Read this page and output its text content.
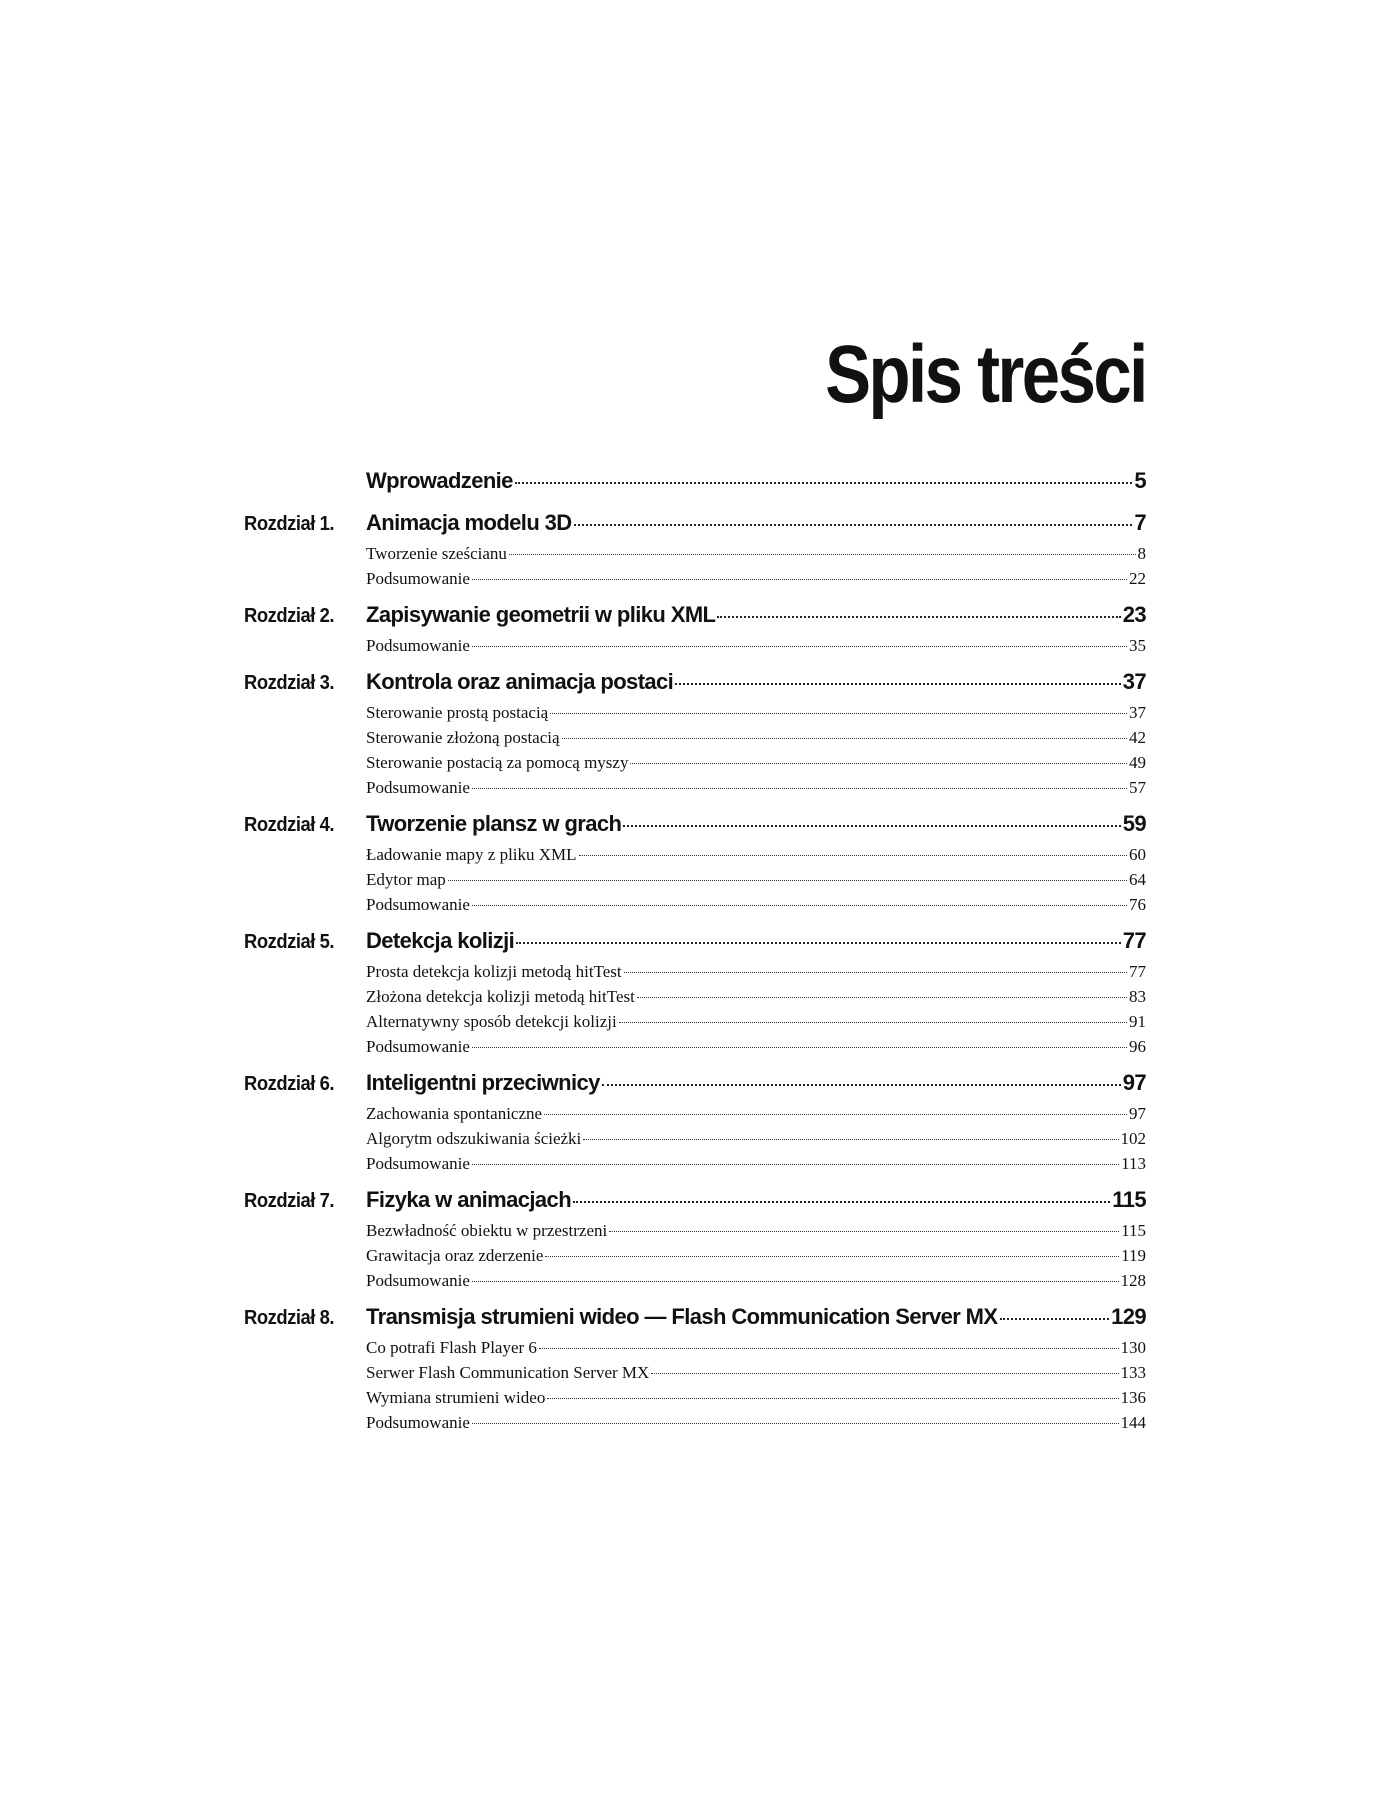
Spis treści
Wprowadzenie	5
Rozdział 1.	Animacja modelu 3D	7
Tworzenie sześcianu	8
Podsumowanie	22
Rozdział 2.	Zapisywanie geometrii w pliku XML	23
Podsumowanie	35
Rozdział 3.	Kontrola oraz animacja postaci	37
Sterowanie prostą postacią	37
Sterowanie złożoną postacią	42
Sterowanie postacią za pomocą myszy	49
Podsumowanie	57
Rozdział 4.	Tworzenie plansz w grach	59
Ładowanie mapy z pliku XML	60
Edytor map	64
Podsumowanie	76
Rozdział 5.	Detekcja kolizji	77
Prosta detekcja kolizji metodą hitTest	77
Złożona detekcja kolizji metodą hitTest	83
Alternatywny sposób detekcji kolizji	91
Podsumowanie	96
Rozdział 6.	Inteligentni przeciwnicy	97
Zachowania spontaniczne	97
Algorytm odszukiwania ścieżki	102
Podsumowanie	113
Rozdział 7.	Fizyka w animacjach	115
Bezwładność obiektu w przestrzeni	115
Grawitacja oraz zderzenie	119
Podsumowanie	128
Rozdział 8.	Transmisja strumieni wideo — Flash Communication Server MX	129
Co potrafi Flash Player 6	130
Serwer Flash Communication Server MX	133
Wymiana strumieni wideo	136
Podsumowanie	144
